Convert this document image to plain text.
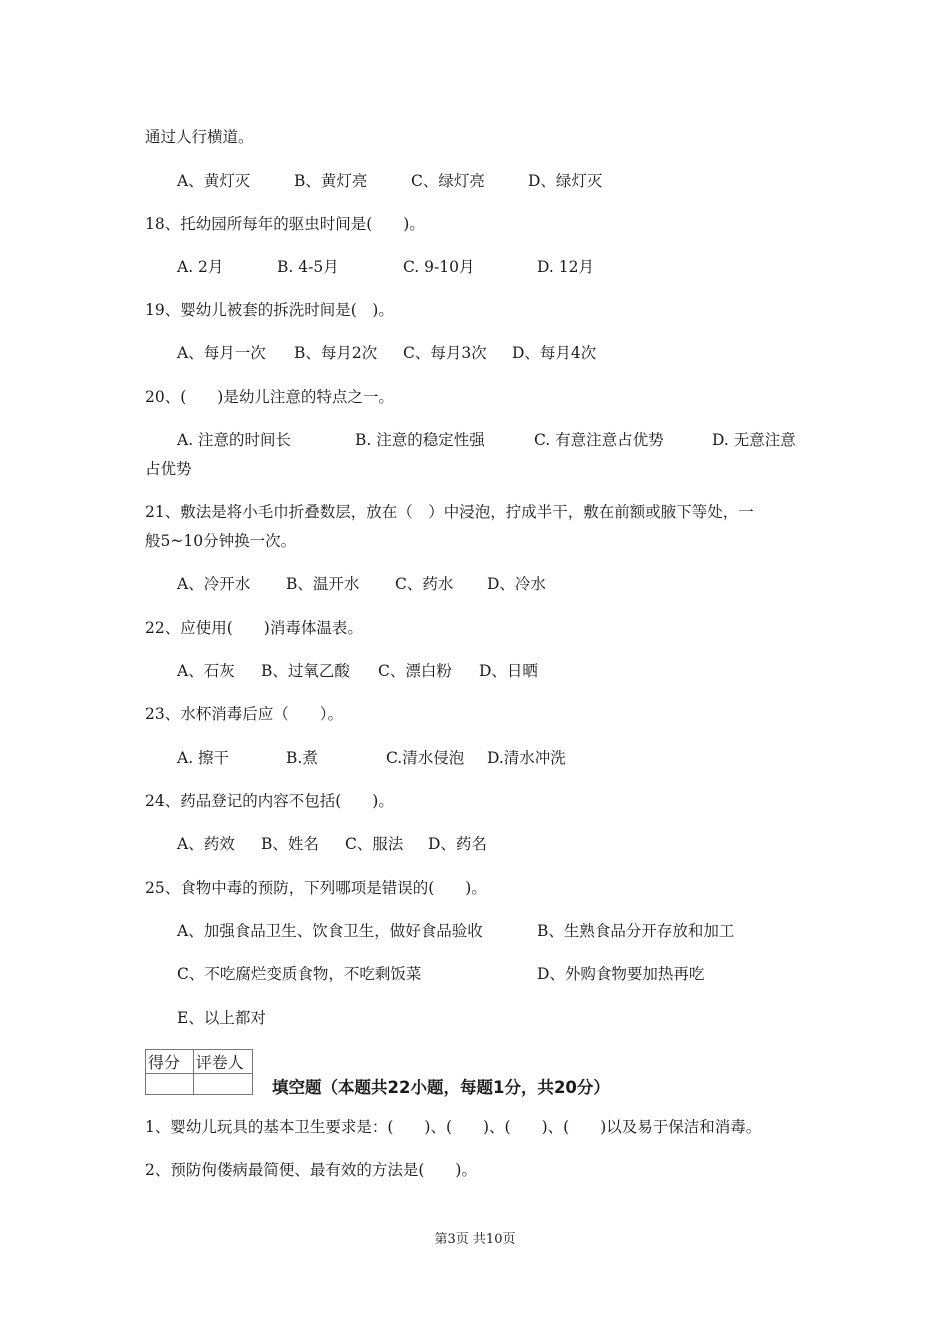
通过人行横道。
A、黄灯灭	B、黄灯亮	C、绿灯亮	D、绿灯灭
18、托幼园所每年的驱虫时间是(　　)。
A. 2月	B. 4-5月	C. 9-10月	D. 12月
19、婴幼儿被套的拆洗时间是(　)。
A、每月一次 B、每月2次 C、每月3次 D、每月4次
20、(　　)是幼儿注意的特点之一。
A. 注意的时间长	B. 注意的稳定性强	C. 有意注意占优势	D. 无意注意
占优势
21、敷法是将小毛巾折叠数层，放在（　）中浸泡，拧成半干，敷在前额或腋下等处，一
般5~10分钟换一次。
A、冷开水 B、温开水 C、药水 D、冷水
22、应使用(　　)消毒体温表。
A、石灰 B、过氧乙酸 C、漂白粉 D、日晒
23、水杯消毒后应（　　）。
A. 擦干	B.煮	C.清水侵泡 D.清水冲洗
24、药品登记的内容不包括(　　)。
A、药效 B、姓名 C、服法 D、药名
25、食物中毒的预防，下列哪项是错误的(　　)。
A、加强食品卫生、饮食卫生，做好食品验收	B、生熟食品分开存放和加工
C、不吃腐烂变质食物，不吃剩饭菜	D、外购食物要加热再吃
E、以上都对
得分	评卷人

填空题（本题共22小题，每题1分，共20分）
1、婴幼儿玩具的基本卫生要求是：(　　)、(　　)、(　　)、(　　)以及易于保洁和消毒。
2、预防佝偻病最简便、最有效的方法是(　　)。
第3页 共10页
